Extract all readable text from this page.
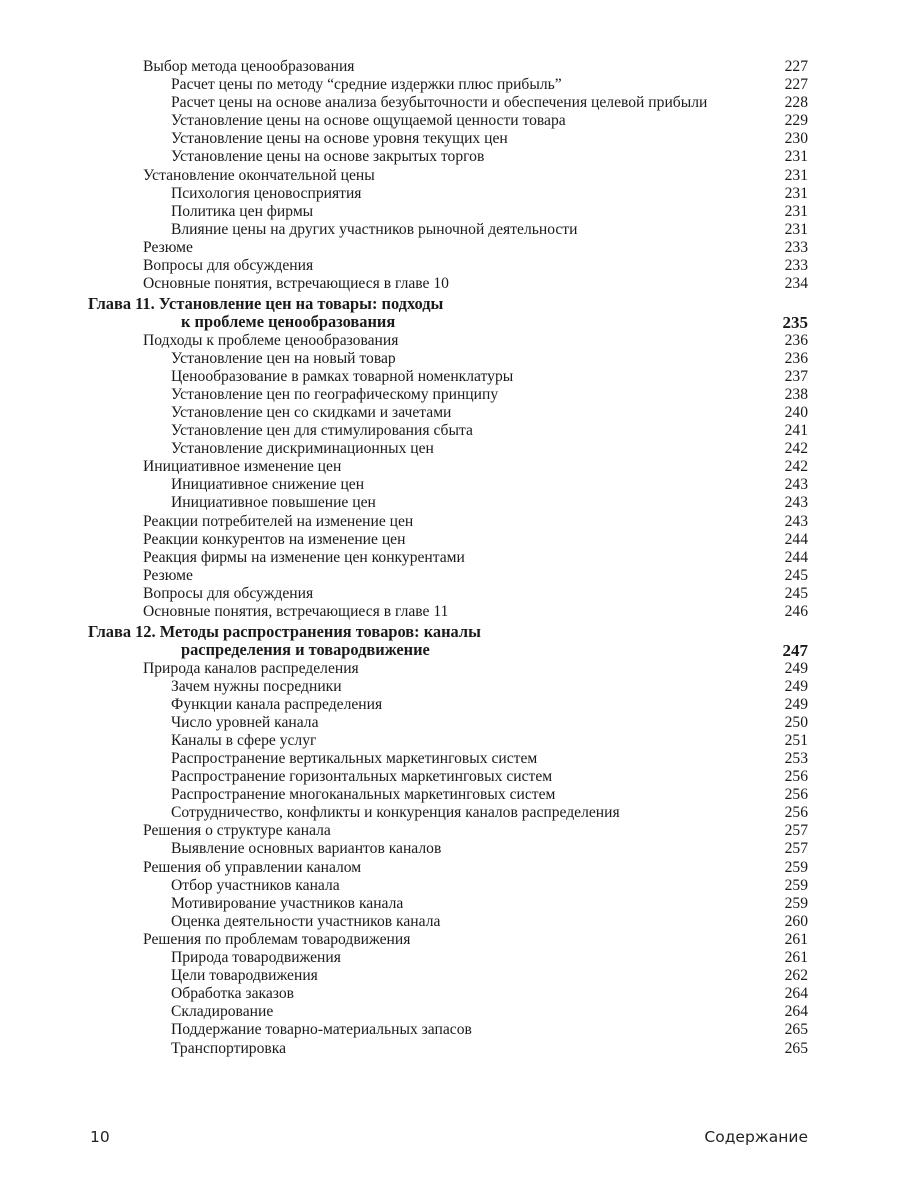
Выбор метода ценообразования	227
Расчет цены по методу “средние издержки плюс прибыль”	227
Расчет цены на основе анализа безубыточности и обеспечения целевой прибыли	228
Установление цены на основе ощущаемой ценности товара	229
Установление цены на основе уровня текущих цен	230
Установление цены на основе закрытых торгов	231
Установление окончательной цены	231
Психология ценовосприятия	231
Политика цен фирмы	231
Влияние цены на других участников рыночной деятельности	231
Резюме	233
Вопросы для обсуждения	233
Основные понятия, встречающиеся в главе 10	234
Глава 11. Установление цен на товары: подходы
к проблеме ценообразования	235
Подходы к проблеме ценообразования	236
Установление цен на новый товар	236
Ценообразование в рамках товарной номенклатуры	237
Установление цен по географическому принципу	238
Установление цен со скидками и зачетами	240
Установление цен для стимулирования сбыта	241
Установление дискриминационных цен	242
Инициативное изменение цен	242
Инициативное снижение цен	243
Инициативное повышение цен	243
Реакции потребителей на изменение цен	243
Реакции конкурентов на изменение цен	244
Реакция фирмы на изменение цен конкурентами	244
Резюме	245
Вопросы для обсуждения	245
Основные понятия, встречающиеся в главе 11	246
Глава 12. Методы распространения товаров: каналы
распределения и товародвижение	247
Природа каналов распределения	249
Зачем нужны посредники	249
Функции канала распределения	249
Число уровней канала	250
Каналы в сфере услуг	251
Распространение вертикальных маркетинговых систем	253
Распространение горизонтальных маркетинговых систем	256
Распространение многоканальных маркетинговых систем	256
Сотрудничество, конфликты и конкуренция каналов распределения	256
Решения о структуре канала	257
Выявление основных вариантов каналов	257
Решения об управлении каналом	259
Отбор участников канала	259
Мотивирование участников канала	259
Оценка деятельности участников канала	260
Решения по проблемам товародвижения	261
Природа товародвижения	261
Цели товародвижения	262
Обработка заказов	264
Складирование	264
Поддержание товарно-материальных запасов	265
Транспортировка	265
10	Содержание
